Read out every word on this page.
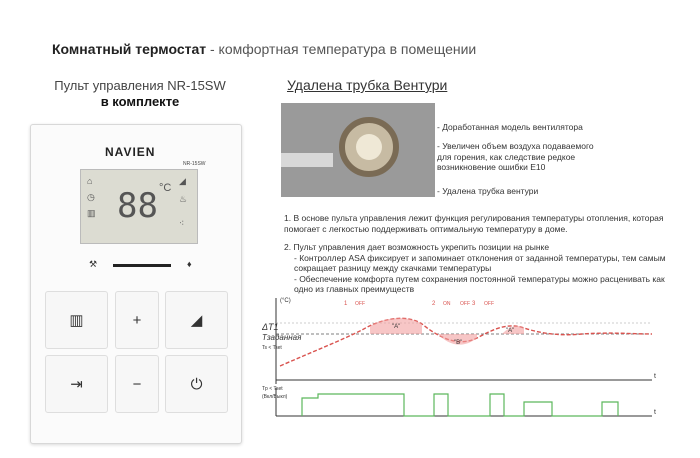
Комнатный термостат - комфортная температура в помещении
Пульт управления NR-15SW
в комплекте
NAVIEN
NR-15SW
⌂
◷
▥
◢
♨
⁖
88 °C
⚒	♦
▥	+	◢
⇥	−	⏻
Удалена трубка Вентури
- Доработанная модель вентилятора
- Увеличен объем воздуха подаваемого для горения, как следствие редкое возникновение ошибки E10
- Удалена трубка вентури

1. В основе пульта управления лежит функция регулирования температуры отопления, которая помогает с легкостью поддерживать оптимальную температуру в доме.

2. Пульт управления дает возможность укрепить позиции на рынке

- Контроллер ASA фиксирует и запоминает отклонения от заданной температуры, тем самым сокращает разницу между скачками температуры
- Обеспечение комфорта путем сохранения постоянной температуры можно расценивать как одно из главных преимуществ
(°C)
ΔT1
Tзаданная
Ts < Tset
Tp < Tset
(Вкл/Выкл)
t
t
1 OFF	2 ON OFF 3 OFF
"A"
"B"
"A"
